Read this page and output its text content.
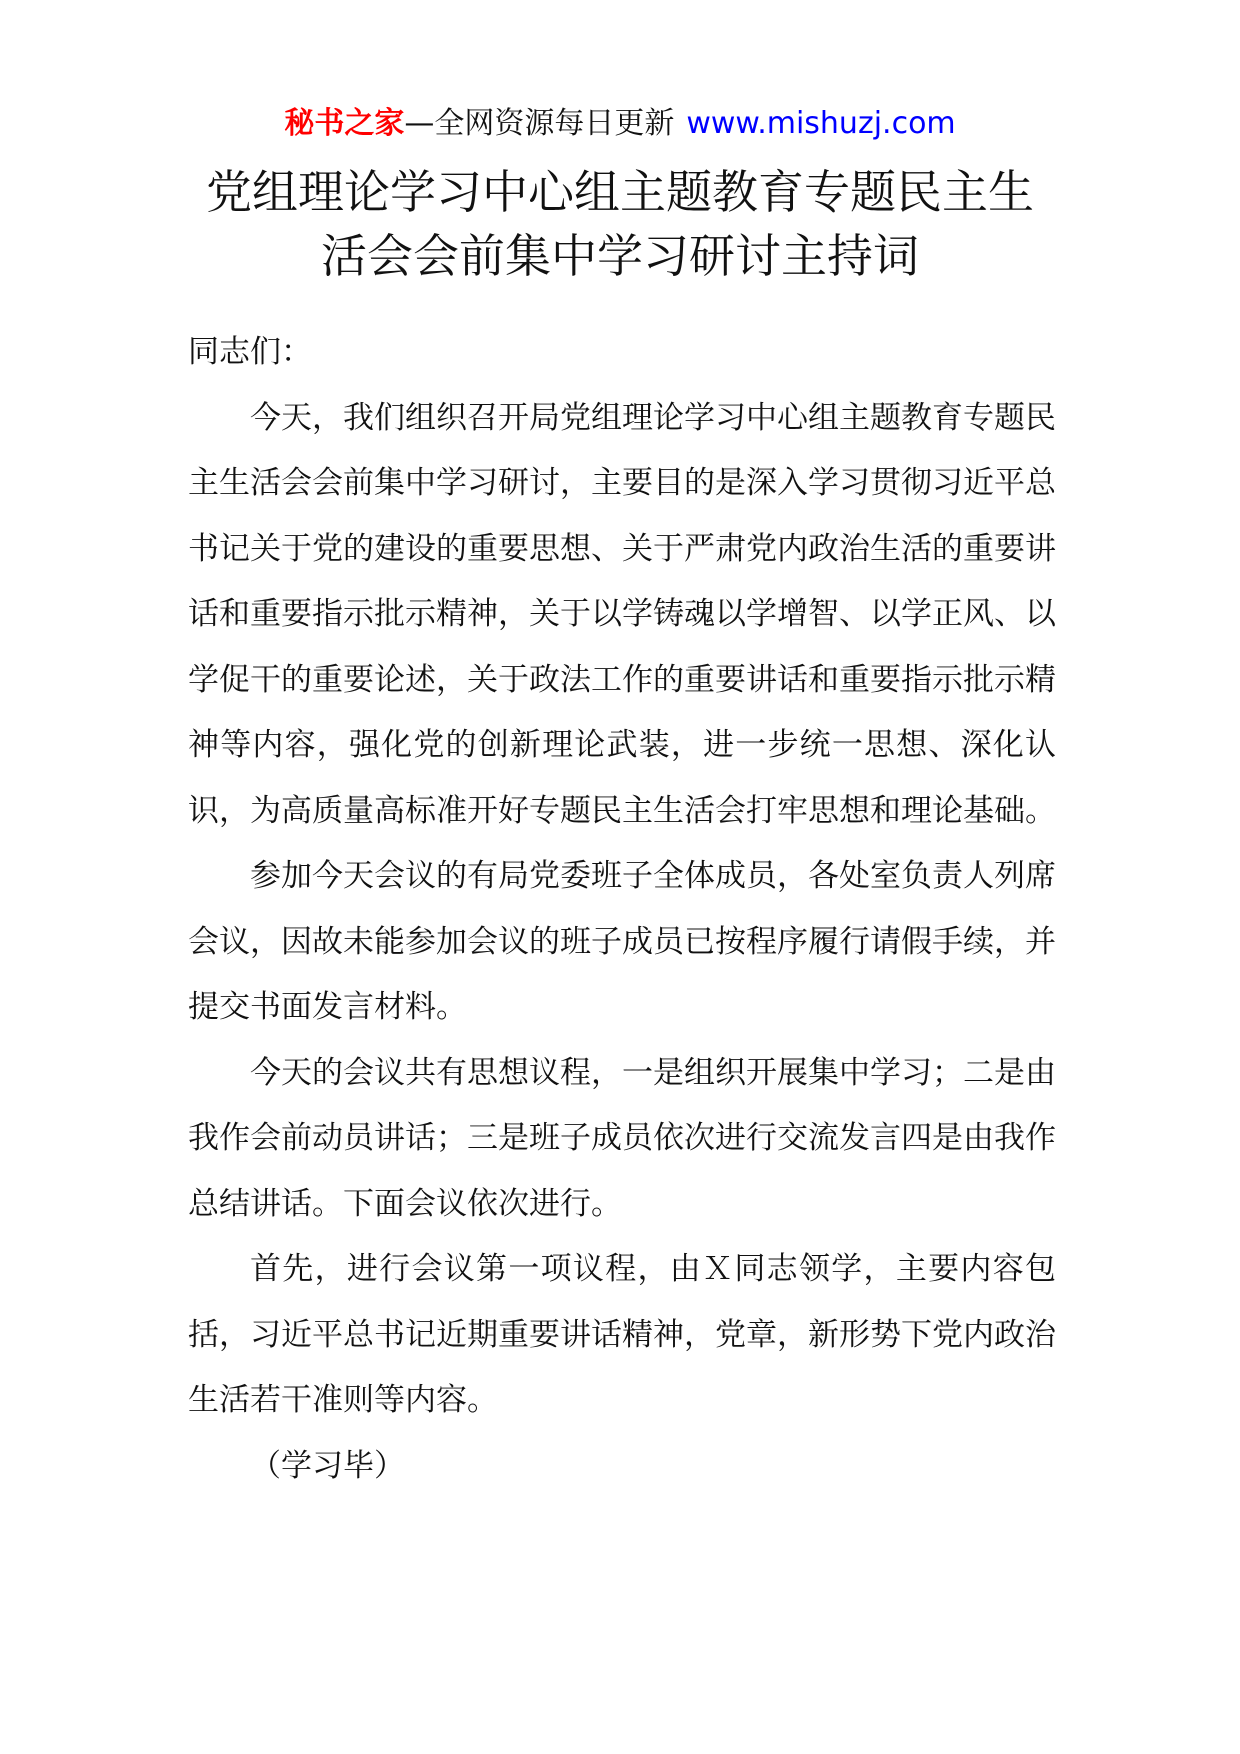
秘书之家—全网资源每日更新 www.mishuzj.com
党组理论学习中心组主题教育专题民主生
活会会前集中学习研讨主持词

同志们：

今天，我们组织召开局党组理论学习中心组主题教育专题民主生活会会前集中学习研讨，主要目的是深入学习贯彻习近平总书记关于党的建设的重要思想、关于严肃党内政治生活的重要讲话和重要指示批示精神，关于以学铸魂以学增智、以学正风、以学促干的重要论述，关于政法工作的重要讲话和重要指示批示精神等内容，强化党的创新理论武装，进一步统一思想、深化认识，为高质量高标准开好专题民主生活会打牢思想和理论基础。

参加今天会议的有局党委班子全体成员，各处室负责人列席会议，因故未能参加会议的班子成员已按程序履行请假手续，并提交书面发言材料。

今天的会议共有思想议程，一是组织开展集中学习；二是由我作会前动员讲话；三是班子成员依次进行交流发言四是由我作总结讲话。下面会议依次进行。

首先，进行会议第一项议程，由Ｘ同志领学，主要内容包括，习近平总书记近期重要讲话精神，党章，新形势下党内政治生活若干准则等内容。

（学习毕）
